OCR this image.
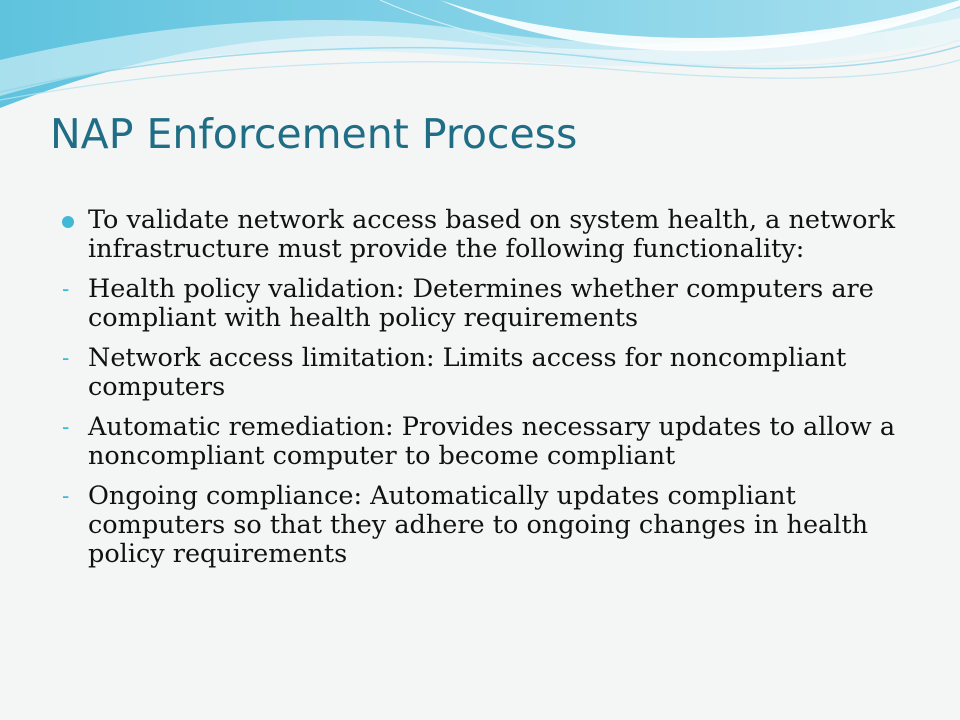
NAP Enforcement Process
To validate network access based on system health, a network infrastructure must provide the following functionality:
- Health policy validation: Determines whether computers are compliant with health policy requirements
- Network access limitation: Limits access for noncompliant computers
- Automatic remediation: Provides necessary updates to allow a noncompliant computer to become compliant
- Ongoing compliance: Automatically updates compliant computers so that they adhere to ongoing changes in health policy requirements
